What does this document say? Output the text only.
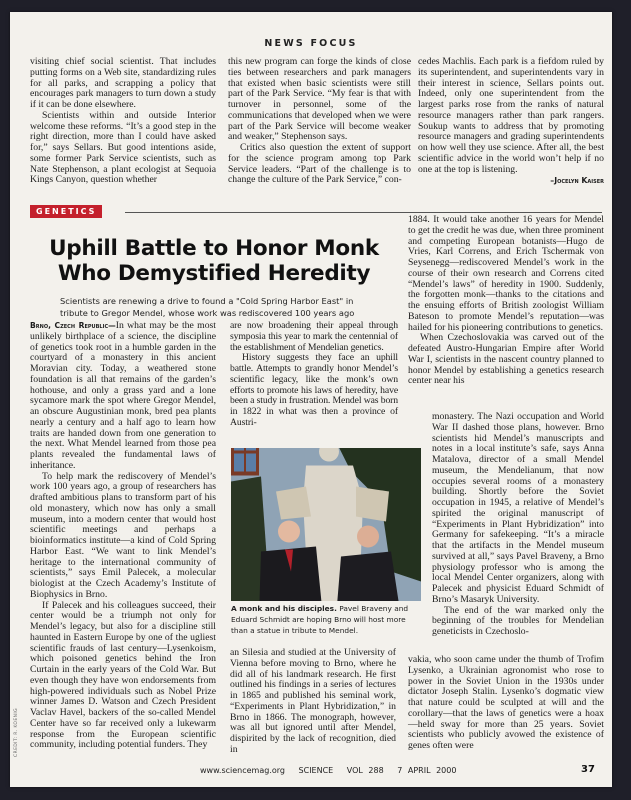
NEWS FOCUS

visiting chief social scientist. That includes putting forms on a Web site, standardizing rules for all parks, and scrapping a policy that encourages park managers to turn down a study if it can be done elsewhere.

Scientists within and outside Interior welcome these reforms. “It’s a good step in the right direction, more than I could have asked for,” says Sellars. But good intentions aside, some former Park Service scientists, such as Nate Stephenson, a plant ecologist at Sequoia Kings Canyon, question whether

this new program can forge the kinds of close ties between researchers and park managers that existed when basic scientists were still part of the Park Service. “My fear is that with turnover in personnel, some of the communications that developed when we were part of the Park Service will become weaker and weaker,” Stephenson says.

Critics also question the extent of support for the science program among top Park Service leaders. “Part of the challenge is to change the culture of the Park Service,” con-

cedes Machlis. Each park is a fiefdom ruled by its superintendent, and superintendents vary in their interest in science, Sellars points out. Indeed, only one superintendent from the largest parks rose from the ranks of natural resource managers rather than park rangers. Soukup wants to address that by promoting resource managers and grading superintendents on how well they use science. After all, the best scientific advice in the world won’t help if no one at the top is listening.

–Jocelyn Kaiser
GENETICS
Uphill Battle to Honor Monk Who Demystified Heredity
Scientists are renewing a drive to found a "Cold Spring Harbor East" in tribute to Gregor Mendel, whose work was rediscovered 100 years ago

Brno, Czech Republic—In what may be the most unlikely birthplace of a science, the discipline of genetics took root in a humble garden in the courtyard of a monastery in this ancient Moravian city. Today, a weathered stone foundation is all that remains of the garden’s hothouse, and only a grass yard and a lone sycamore mark the spot where Gregor Mendel, an obscure Augustinian monk, bred pea plants nearly a century and a half ago to learn how traits are handed down from one generation to the next. What Mendel learned from those pea plants revealed the fundamental laws of inheritance.

To help mark the rediscovery of Mendel’s work 100 years ago, a group of researchers has drafted ambitious plans to transform part of his old monastery, which now has only a small museum, into a modern center that would host scientific meetings and perhaps a bioinformatics institute—a kind of Cold Spring Harbor East. “We want to link Mendel’s heritage to the international community of scientists,” says Emil Palecek, a molecular biologist at the Czech Academy’s Institute of Biophysics in Brno.

If Palecek and his colleagues succeed, their center would be a triumph not only for Mendel’s legacy, but also for a discipline still haunted in Eastern Europe by one of the ugliest scientific frauds of last century—Lysenkoism, which poisoned genetics behind the Iron Curtain in the early years of the Cold War. But even though they have won endorsements from high-powered individuals such as Nobel Prize winner James D. Watson and Czech President Vaclav Havel, backers of the so-called Mendel Center have so far received only a lukewarm response from the European scientific community, including potential funders. They

are now broadening their appeal through symposia this year to mark the centennial of the establishment of Mendelian genetics.

History suggests they face an uphill battle. Attempts to grandly honor Mendel’s scientific legacy, like the monk’s own efforts to promote his laws of heredity, have been a study in frustration. Mendel was born in 1822 in what was then a province of Austri-

A monk and his disciples. Pavel Braveny and Eduard Schmidt are hoping Brno will host more than a statue in tribute to Mendel.

an Silesia and studied at the University of Vienna before moving to Brno, where he did all of his landmark research. He first outlined his findings in a series of lectures in 1865 and published his seminal work, “Experiments in Plant Hybridization,” in Brno in 1866. The monograph, however, was all but ignored until after Mendel, dispirited by the lack of recognition, died in

1884. It would take another 16 years for Mendel to get the credit he was due, when three prominent and competing European botanists—Hugo de Vries, Karl Correns, and Erich Tschermak von Seysenegg—rediscovered Mendel’s work in the course of their own research and Correns cited “Mendel’s laws” of heredity in 1900. Suddenly, the forgotten monk—thanks to the citations and the ensuing efforts of British zoologist William Bateson to promote Mendel’s reputation—was hailed for his pioneering contributions to genetics.

When Czechoslovakia was carved out of the defeated Austro-Hungarian Empire after World War I, scientists in the nascent country planned to honor Mendel by establishing a genetics research center near his

monastery. The Nazi occupation and World War II dashed those plans, however. Brno scientists hid Mendel’s manuscripts and notes in a local institute’s safe, says Anna Matalova, director of a small Mendel museum, the Mendelianum, that now occupies several rooms of a monastery building. Shortly before the Soviet occupation in 1945, a relative of Mendel’s spirited the original manuscript of “Experiments in Plant Hybridization” into Germany for safekeeping. “It’s a miracle that the artifacts in the Mendel museum survived at all,” says Pavel Braveny, a Brno physiology professor who is among the local Mendel Center organizers, along with Palecek and physicist Eduard Schmidt of Brno’s Masaryk University.

The end of the war marked only the beginning of the troubles for Mendelian geneticists in Czechoslo-

vakia, who soon came under the thumb of Trofim Lysenko, a Ukrainian agronomist who rose to power in the Soviet Union in the 1930s under dictator Joseph Stalin. Lysenko’s dogmatic view that nature could be sculpted at will and the corollary—that the laws of genetics were a hoax—held sway for more than 25 years. Soviet scientists who publicly avowed the existence of genes often were

CREDIT: R. KOENIG
www.sciencemag.org SCIENCE VOL 288 7 APRIL 2000	37
